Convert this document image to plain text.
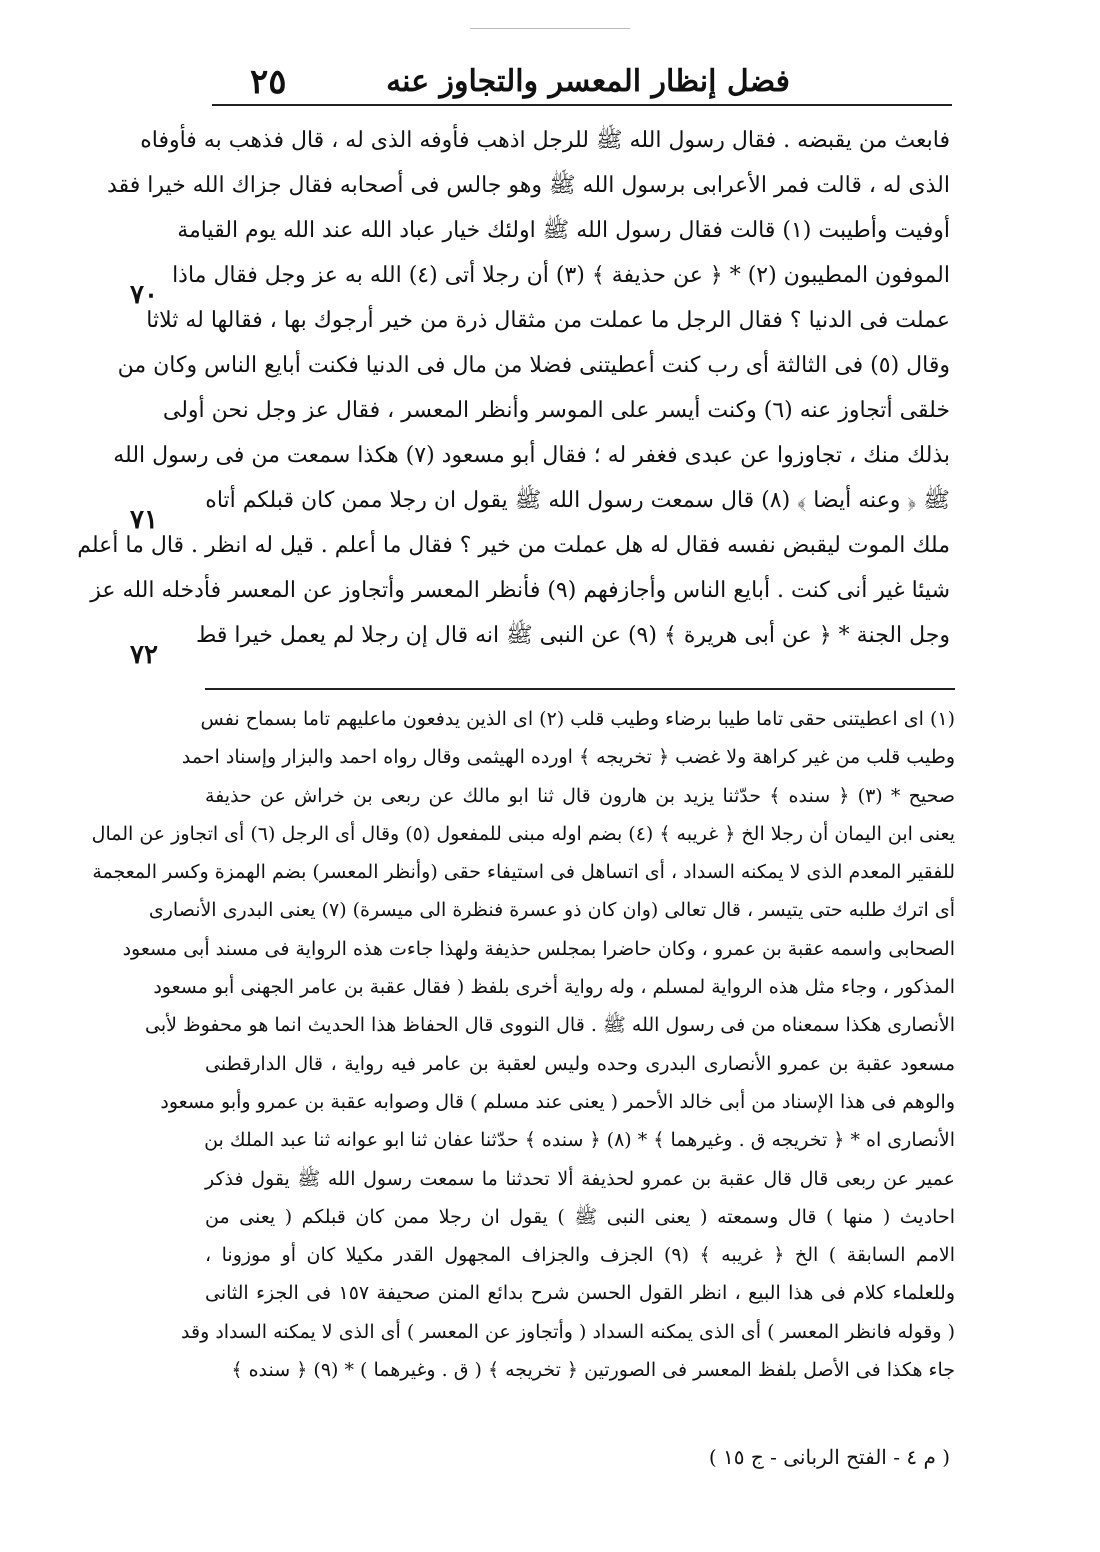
فضل إنظار المعسر والتجاوز عنه
٢٥
فابعث من يقبضه . فقال رسول الله ﷺ للرجل اذهب فأوفه الذى له ، قال فذهب به فأوفاه
الذى له ، قالت فمر الأعرابى برسول الله ﷺ وهو جالس فى أصحابه فقال جزاك الله خيرا فقد
أوفيت وأطيبت (١) قالت فقال رسول الله ﷺ اولئك خيار عباد الله عند الله يوم القيامة
الموفون المطيبون (٢) * ﴿ عن حذيفة ﴾ (٣) أن رجلا أتى (٤) الله به عز وجل فقال ماذا
عملت فى الدنيا ؟ فقال الرجل ما عملت من مثقال ذرة من خير أرجوك بها ، فقالها له ثلاثا
وقال (٥) فى الثالثة أى رب كنت أعطيتنى فضلا من مال فى الدنيا فكنت أبايع الناس وكان من
خلقى أتجاوز عنه (٦) وكنت أيسر على الموسر وأنظر المعسر ، فقال عز وجل نحن أولى
بذلك منك ، تجاوزوا عن عبدى فغفر له ؛ فقال أبو مسعود (٧) هكذا سمعت من فى رسول الله
ﷺ ﴿ وعنه أيضا ﴾ (٨) قال سمعت رسول الله ﷺ يقول ان رجلا ممن كان قبلكم أتاه
ملك الموت ليقبض نفسه فقال له هل عملت من خير ؟ فقال ما أعلم . قيل له انظر . قال ما أعلم
شيئا غير أنى كنت . أبايع الناس وأجازفهم (٩) فأنظر المعسر وأتجاوز عن المعسر فأدخله الله عز
وجل الجنة * ﴿ عن أبى هريرة ﴾ (٩) عن النبى ﷺ انه قال إن رجلا لم يعمل خيرا قط
٧٠
٧١
٧٢
(١) اى اعطيتنى حقى تاما طيبا برضاء وطيب قلب (٢) اى الذين يدفعون ماعليهم تاما بسماح نفس
وطيب قلب من غير كراهة ولا غضب ﴿ تخريجه ﴾ اورده الهيثمى وقال رواه احمد والبزار وإسناد احمد
صحيح * (٣) ﴿ سنده ﴾ حدّثنا يزيد بن هارون قال ثنا ابو مالك عن ربعى بن خراش عن حذيفة
يعنى ابن اليمان أن رجلا الخ ﴿ غريبه ﴾ (٤) بضم اوله مبنى للمفعول (٥) وقال أى الرجل (٦) أى اتجاوز عن المال
للفقير المعدم الذى لا يمكنه السداد ، أى اتساهل فى استيفاء حقى (وأنظر المعسر) بضم الهمزة وكسر المعجمة
أى اترك طلبه حتى يتيسر ، قال تعالى (وان كان ذو عسرة فنظرة الى ميسرة) (٧) يعنى البدرى الأنصارى
الصحابى واسمه عقبة بن عمرو ، وكان حاضرا بمجلس حذيفة ولهذا جاءت هذه الرواية فى مسند أبى مسعود
المذكور ، وجاء مثل هذه الرواية لمسلم ، وله رواية أخرى بلفظ ( فقال عقبة بن عامر الجهنى أبو مسعود
الأنصارى هكذا سمعناه من فى رسول الله ﷺ . قال النووى قال الحفاظ هذا الحديث انما هو محفوظ لأبى
مسعود عقبة بن عمرو الأنصارى البدرى وحده وليس لعقبة بن عامر فيه رواية ، قال الدارقطنى
والوهم فى هذا الإسناد من أبى خالد الأحمر ( يعنى عند مسلم ) قال وصوابه عقبة بن عمرو وأبو مسعود
الأنصارى اه * ﴿ تخريجه ق . وغيرهما ﴾ * (٨) ﴿ سنده ﴾ حدّثنا عفان ثنا ابو عوانه ثنا عبد الملك بن
عمير عن ربعى قال قال عقبة بن عمرو لحذيفة ألا تحدثنا ما سمعت رسول الله ﷺ يقول فذكر
احاديث ( منها ) قال وسمعته ( يعنى النبى ﷺ ) يقول ان رجلا ممن كان قبلكم ( يعنى من
الامم السابقة ) الخ ﴿ غريبه ﴾ (٩) الجزف والجزاف المجهول القدر مكيلا كان أو موزونا ،
وللعلماء كلام فى هذا البيع ، انظر القول الحسن شرح بدائع المنن صحيفة ١٥٧ فى الجزء الثانى
( وقوله فانظر المعسر ) أى الذى يمكنه السداد ( وأتجاوز عن المعسر ) أى الذى لا يمكنه السداد وقد
جاء هكذا فى الأصل بلفظ المعسر فى الصورتين ﴿ تخريجه ﴾ ( ق . وغيرهما ) * (٩) ﴿ سنده ﴾
( م ٤ - الفتح الربانى - ج ١٥ )
